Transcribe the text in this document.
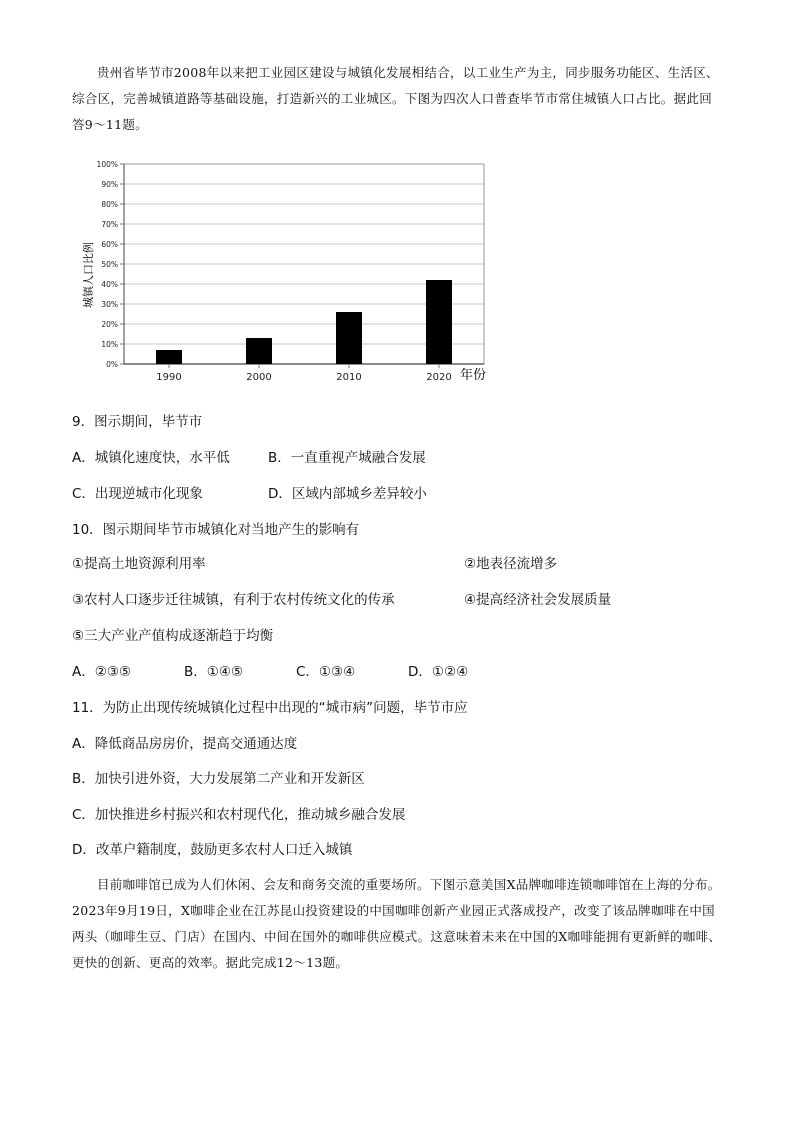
贵州省毕节市2008年以来把工业园区建设与城镇化发展相结合，以工业生产为主，同步服务功能区、生活区、综合区，完善城镇道路等基础设施，打造新兴的工业城区。下图为四次人口普查毕节市常住城镇人口占比。据此回答9～11题。
0%
10%
20%
30%
40%
50%
60%
70%
80%
90%
100%
1990	2000	2010	2020
城镇人口比例
年份
9．图示期间，毕节市
A．城镇化速度快，水平低	B．一直重视产城融合发展
C．出现逆城市化现象	D．区域内部城乡差异较小
10．图示期间毕节市城镇化对当地产生的影响有
①提高土地资源利用率	②地表径流增多
③农村人口逐步迁往城镇，有利于农村传统文化的传承	④提高经济社会发展质量
⑤三大产业产值构成逐渐趋于均衡
A．②③⑤	B．①④⑤	C．①③④	D．①②④
11．为防止出现传统城镇化过程中出现的“城市病”问题，毕节市应
A．降低商品房房价，提高交通通达度
B．加快引进外资，大力发展第二产业和开发新区
C．加快推进乡村振兴和农村现代化，推动城乡融合发展
D．改革户籍制度，鼓励更多农村人口迁入城镇
目前咖啡馆已成为人们休闲、会友和商务交流的重要场所。下图示意美国X品牌咖啡连锁咖啡馆在上海的分布。2023年9月19日，X咖啡企业在江苏昆山投资建设的中国咖啡创新产业园正式落成投产，改变了该品牌咖啡在中国两头（咖啡生豆、门店）在国内、中间在国外的咖啡供应模式。这意味着未来在中国的X咖啡能拥有更新鲜的咖啡、更快的创新、更高的效率。据此完成12～13题。
